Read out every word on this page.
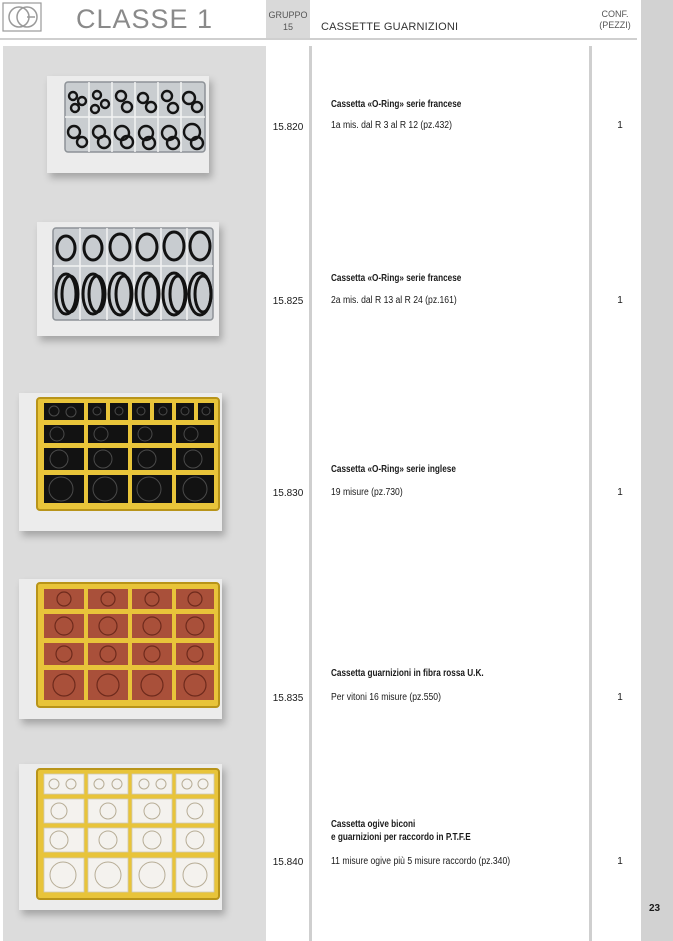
CLASSE 1	GRUPPO
15	CASSETTE GUARNIZIONI
CONF.
(PEZZI)
23
15.820
Cassetta «O-Ring» serie francese
1a mis. dal R 3 al R 12 (pz.432)	1
15.825
Cassetta «O-Ring» serie francese
2a mis. dal R 13 al R 24 (pz.161)	1
15.830
Cassetta «O-Ring» serie inglese
19 misure (pz.730)	1
15.835
Cassetta guarnizioni in fibra rossa U.K.
Per vitoni 16 misure (pz.550)	1
15.840
Cassetta ogive biconi
e guarnizioni per raccordo in P.T.F.E
11 misure ogive più 5 misure raccordo (pz.340)	1
